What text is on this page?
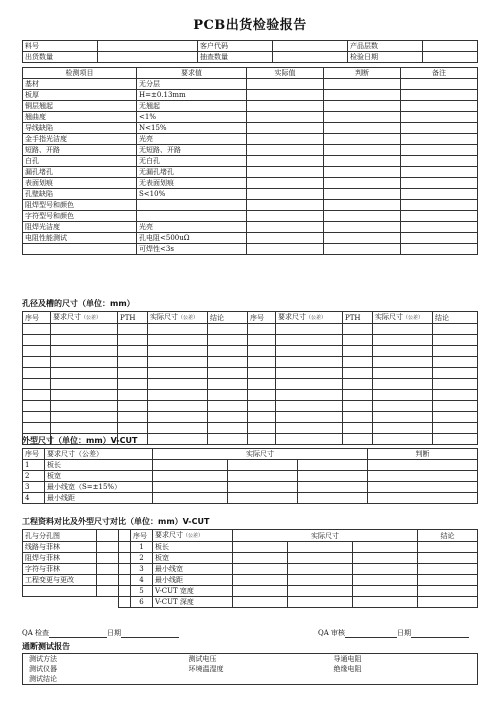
PCB出货检验报告
料号		客户代码		产品层数	
出货数量		抽查数量		检验日期	
检测项目	要求值	实际值	判断	备注
基材	无分层			
板厚	H=±0.13mm			
铜层翘起	无翘起			
翘曲度	<1%			
导线缺陷	N<15%			
金手指光洁度	光亮			
短路、开路	无短路、开路			
白孔	无白孔			
漏孔堵孔	无漏孔堵孔			
表面划痕	无表面划痕			
孔壁缺陷	S<10%			
阻焊型号和颜色				
字符型号和颜色				
阻焊光洁度	光亮			
电阻性能测试	孔电阻<500uΩ			
	可焊性<3s			
孔径及槽的尺寸（单位：mm）
序号	要求尺寸（公差）	PTH	实际尺寸（公差）	结论	序号	要求尺寸（公差）	PTH	实际尺寸（公差）	结论

外型尺寸（单位：mm）V-CUT
序号	要求尺寸（公差）	实际尺寸			判断
1	板长				
2	板宽				
3	最小线宽（S=±15%）				
4	最小线距				
工程资料对比及外型尺寸对比（单位：mm）V-CUT
孔与分孔图			序号	要求尺寸（公差）	实际尺寸			结论
线路与菲林			1	板长				
阻焊与菲林			2	板宽				
字符与菲林			3	最小线宽				
工程变更与更改			4	最小线距				
			5	V-CUT 宽度				
			6	V-CUT 深度				
QA 检查	日期	QA 审核	日期
通断测试报告
测试方法	测试电压	导通电阻
测试仪器	环境温湿度	绝缘电阻
测试结论		
